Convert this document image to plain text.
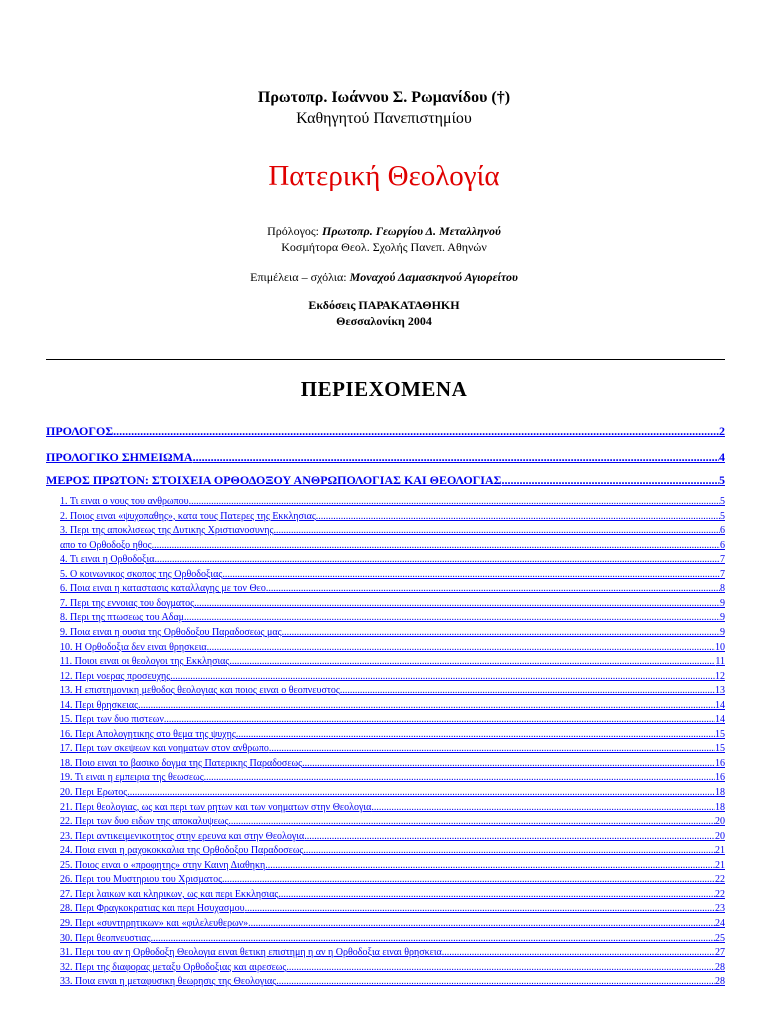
Πρωτοπρ. Ιωάννου Σ. Ρωμανίδου (†)
Καθηγητού Πανεπιστημίου
Πατερική Θεολογία
Πρόλογος: Πρωτοπρ. Γεωργίου Δ. Μεταλληνού
Κοσμήτορα Θεολ. Σχολής Πανεπ. Αθηνών
Επιμέλεια – σχόλια: Μοναχού Δαμασκηνού Αγιορείτου
Εκδόσεις ΠΑΡΑΚΑΤΑΘΗΚΗ
Θεσσαλονίκη 2004
ΠΕΡΙΕΧΟΜΕΝΑ
ΠΡΟΛΟΓΟΣ .....	2
ΠΡΟΛΟΓΙΚΟ ΣΗΜΕΙΩΜΑ .....	4
ΜΕΡΟΣ ΠΡΩΤΟΝ: ΣΤΟΙΧΕΙΑ ΟΡΘΟΔΟΞΟΥ ΑΝΘΡΩΠΟΛΟΓΙΑΣ ΚΑΙ ΘΕΟΛΟΓΙΑΣ .....	5
1. Τι ειναι ο νους του ανθρωπου .....	5
2. Ποιος ειναι «ψυχοπαθης», κατα τους Πατερες της Εκκλησιας .....	5
3. Περι της αποκλισεως της Δυτικης Χριστιανοσυνης .....	6
απο το Ορθοδοξο ηθος .....	6
4. Τι ειναι η Ορθοδοξια .....	7
5. Ο κοινωνικος σκοπος της Ορθοδοξιας .....	7
6. Ποια ειναι η καταστασις καταλλαγης με τον Θεο .....	8
7. Περι της εννοιας του δογματος .....	9
8. Περι της πτωσεως του Αδαμ .....	9
9. Ποια ειναι η ουσια της Ορθοδοξου Παραδοσεως μας .....	9
10. Η Ορθοδοξια δεν ειναι θρησκεια .....	10
11. Ποιοι ειναι οι θεολογοι της Εκκλησιας .....	11
12. Περι νοερας προσευχης .....	12
13. Η επιστημονικη μεθοδος θεολογιας και ποιος ειναι ο θεοπνευστος .....	13
14. Περι θρησκειας .....	14
15. Περι των δυο πιστεων .....	14
16. Περι Απολογητικης στο θεμα της ψυχης .....	15
17. Περι των σκεψεων και νοηματων στον ανθρωπο .....	15
18. Ποιο ειναι το βασικο δογμα της Πατερικης Παραδοσεως .....	16
19. Τι ειναι η εμπειρια της θεωσεως .....	16
20. Περι Ερωτος .....	18
21. Περι θεολογιας, ως και περι των ρητων και των νοηματων στην Θεολογια .....	18
22. Περι των δυο ειδων της αποκαλυψεως .....	20
23. Περι αντικειμενικοτητος στην ερευνα και στην Θεολογια .....	20
24. Ποια ειναι η ραχοκοκκαλια της Ορθοδοξου Παραδοσεως .....	21
25. Ποιος ειναι ο «προφητης» στην Καινη Διαθηκη .....	21
26. Περι του Μυστηριου του Χρισματος .....	22
27. Περι λαικων και κληρικων, ως και περι Εκκλησιας .....	22
28. Περι Φραγκοκρατιας και περι Ησυχασμου .....	23
29. Περι «συντηρητικων» και «φιλελευθερων» .....	24
30. Περι θεοπνευστιας .....	25
31. Περι του αν η Ορθοδοξη Θεολογια ειναι θετικη επιστημη η αν η Ορθοδοξια ειναι θρησκεια .....	27
32. Περι της διαφορας μεταξυ Ορθοδοξιας και αιρεσεως .....	28
33. Ποια ειναι η μεταφυσικη θεωρησις της Θεολογιας .....	28
